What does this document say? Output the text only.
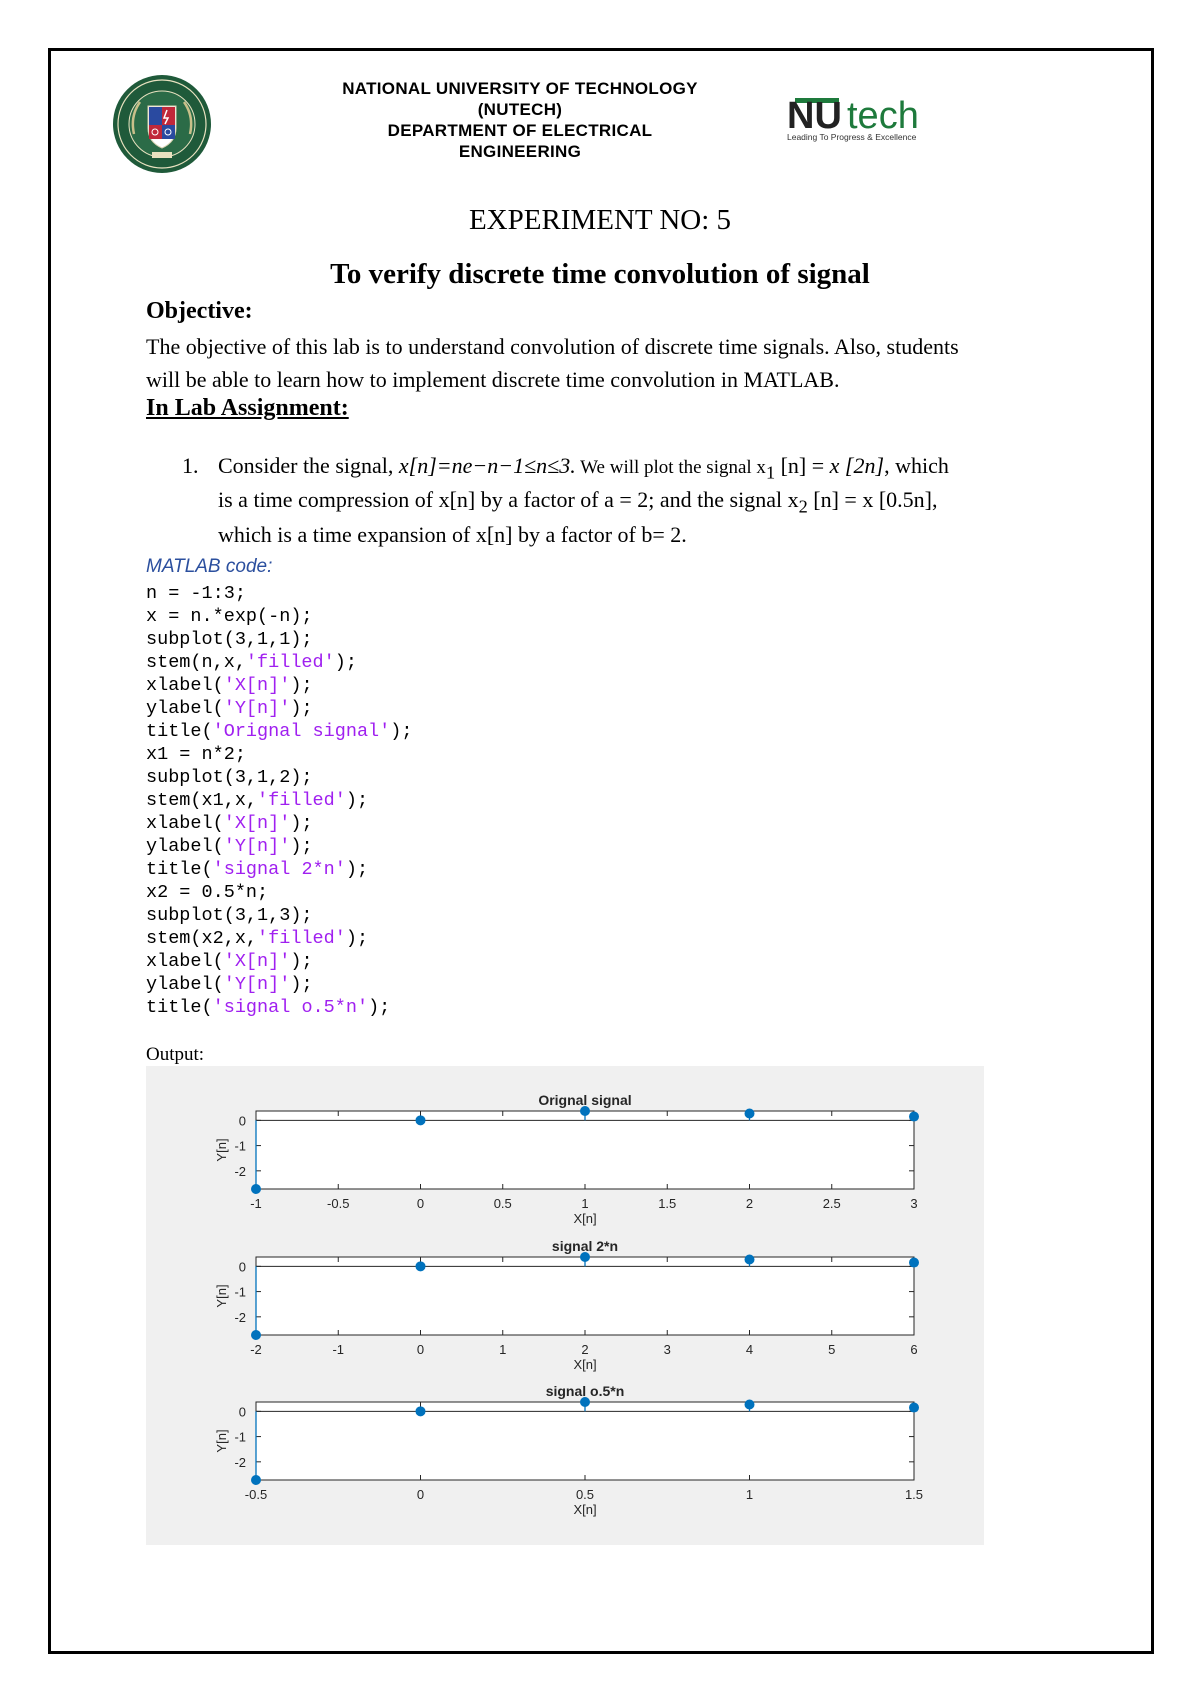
NATIONAL UNIVERSITY OF TECHNOLOGY
(NUTECH)
DEPARTMENT OF ELECTRICAL
ENGINEERING
NU tech
Leading To Progress & Excellence
EXPERIMENT NO: 5
To verify discrete time convolution of signal
Objective:
The objective of this lab is to understand convolution of discrete time signals. Also, students
will be able to learn how to implement discrete time convolution in MATLAB.
In Lab Assignment:
1. Consider the signal, x[n]=ne−n−1≤n≤3. We will plot the signal $x_1$ [n] = x [2n], which
is a time compression of x[n] by a factor of a = 2; and the signal $x_2$ [n] = x [0.5n],
which is a time expansion of x[n] by a factor of b= 2.
MATLAB code:
n = -1:3;
x = n.*exp(-n);
subplot(3,1,1);
stem(n,x,'filled');
xlabel('X[n]');
ylabel('Y[n]');
title('Orignal signal');
x1 = n*2;
subplot(3,1,2);
stem(x1,x,'filled');
xlabel('X[n]');
ylabel('Y[n]');
title('signal 2*n');
x2 = 0.5*n;
subplot(3,1,3);
stem(x2,x,'filled');
xlabel('X[n]');
ylabel('Y[n]');
title('signal o.5*n');
Output:
-1	-0.5	0	0.5	1	1.5	2	2.5	3
0
-1
-2
Orignal signal
X[n]
Y[n]
-2	-1	0	1	2	3	4	5	6
0
-1
-2
signal 2*n
X[n]
Y[n]
-0.5	0	0.5	1	1.5
0
-1
-2
signal o.5*n
X[n]
Y[n]
